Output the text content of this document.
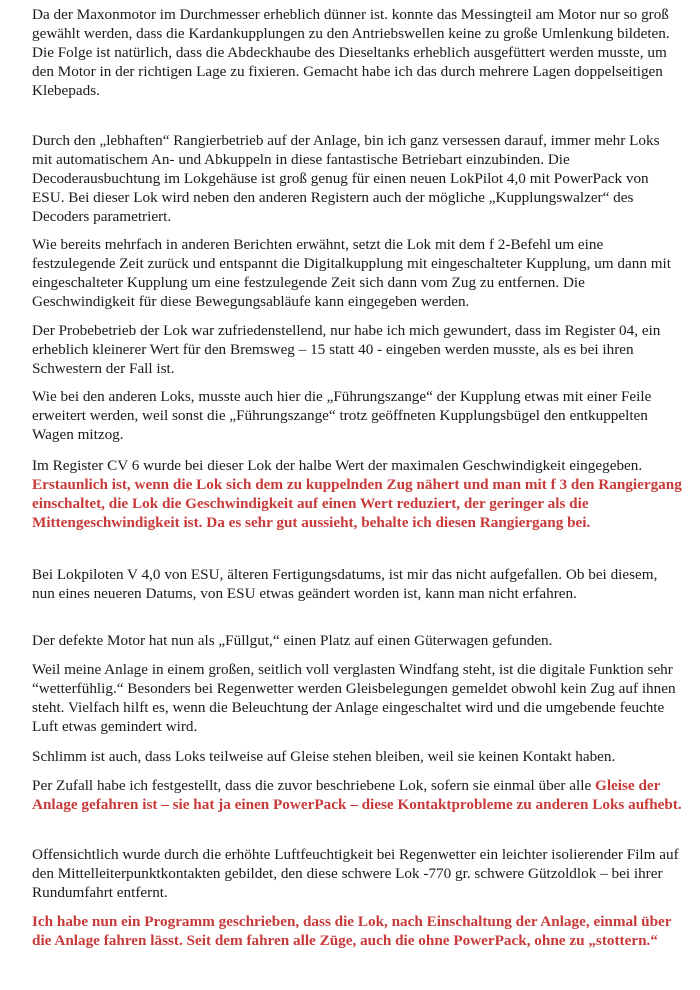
Da der Maxonmotor im Durchmesser erheblich dünner ist. konnte das Messingteil am Motor nur so groß gewählt werden, dass die Kardankupplungen zu den Antriebswellen keine zu große Umlenkung bildeten. Die Folge ist natürlich, dass die Abdeckhaube des Dieseltanks erheblich ausgefüttert werden musste, um den Motor in der richtigen Lage zu fixieren. Gemacht habe ich das durch mehrere Lagen doppelseitigen Klebepads.

Durch den „lebhaften“ Rangierbetrieb auf der Anlage, bin ich ganz versessen darauf, immer mehr Loks mit automatischem An- und Abkuppeln in diese fantastische Betriebart einzubinden. Die Decoderausbuchtung im Lokgehäuse ist groß genug für einen neuen LokPilot 4,0 mit PowerPack von ESU. Bei dieser Lok wird neben den anderen Registern auch der mögliche „Kupplungswalzer“ des Decoders parametriert.

Wie bereits mehrfach in anderen Berichten erwähnt, setzt die Lok mit dem f 2-Befehl um eine festzulegende Zeit zurück und entspannt die Digitalkupplung mit eingeschalteter Kupplung, um dann mit eingeschalteter Kupplung um eine festzulegende Zeit sich dann vom Zug zu entfernen. Die Geschwindigkeit für diese Bewegungsabläufe kann eingegeben werden.

Der Probebetrieb der Lok war zufriedenstellend, nur habe ich mich gewundert, dass im Register 04, ein erheblich kleinerer Wert für den Bremsweg – 15 statt 40 - eingeben werden musste, als es bei ihren Schwestern der Fall ist.

Wie bei den anderen Loks, musste auch hier die „Führungszange“ der Kupplung etwas mit einer Feile erweitert werden, weil sonst die „Führungszange“ trotz geöffneten Kupplungsbügel den entkuppelten Wagen mitzog.

Im Register CV 6 wurde bei dieser Lok der halbe Wert der maximalen Geschwindigkeit eingegeben. Erstaunlich ist, wenn die Lok sich dem zu kuppelnden Zug nähert und man mit f 3 den Rangiergang einschaltet, die Lok die Geschwindigkeit auf einen Wert reduziert, der geringer als die Mittengeschwindigkeit ist. Da es sehr gut aussieht, behalte ich diesen Rangiergang bei.

Bei Lokpiloten V 4,0 von ESU, älteren Fertigungsdatums, ist mir das nicht aufgefallen. Ob bei diesem, nun eines neueren Datums, von ESU etwas geändert worden ist, kann man nicht erfahren.

Der defekte Motor hat nun als „Füllgut,“ einen Platz auf einen Güterwagen gefunden.

Weil meine Anlage in einem großen, seitlich voll verglasten Windfang steht, ist die digitale Funktion sehr “wetterfühlig.“ Besonders bei Regenwetter werden Gleisbelegungen gemeldet obwohl kein Zug auf ihnen steht. Vielfach hilft es, wenn die Beleuchtung der Anlage eingeschaltet wird und die umgebende feuchte Luft etwas gemindert wird.

Schlimm ist auch, dass Loks teilweise auf Gleise stehen bleiben, weil sie keinen Kontakt haben.

Per Zufall habe ich festgestellt, dass die zuvor beschriebene Lok, sofern sie einmal über alle Gleise der Anlage gefahren ist – sie hat ja einen PowerPack – diese Kontaktprobleme zu anderen Loks aufhebt.

Offensichtlich wurde durch die erhöhte Luftfeuchtigkeit bei Regenwetter ein leichter isolierender Film auf den Mittelleiterpunktkontakten gebildet, den diese schwere Lok -770 gr. schwere Gützoldlok – bei ihrer Rundumfahrt entfernt.

Ich habe nun ein Programm geschrieben, dass die Lok, nach Einschaltung der Anlage, einmal über die Anlage fahren lässt. Seit dem fahren alle Züge, auch die ohne PowerPack, ohne zu „stottern.“
